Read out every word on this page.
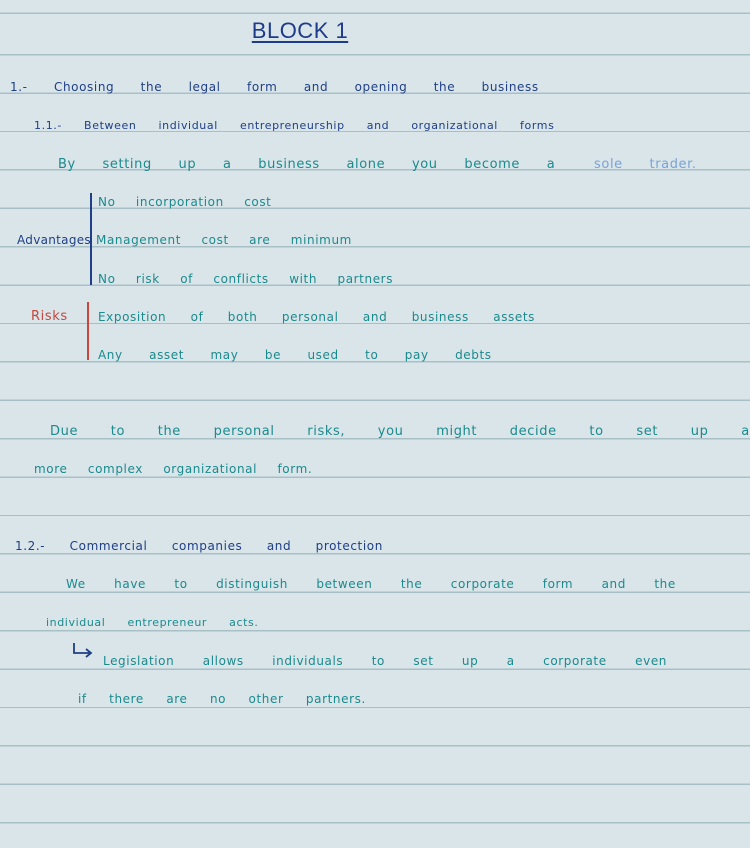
BLOCK 1
1.- Choosing the legal form and opening the business
1.1.- Between individual entrepreneurship and organizational forms
By setting up a business alone you become a	sole trader.
Advantages
No incorporation cost
Management cost are minimum
No risk of conflicts with partners
Risks	Exposition of both personal and business assets
Any asset may be used to pay debts
Due to the personal risks, you might decide to set up a
more complex organizational form.
1.2.- Commercial companies and protection
We have to distinguish between the corporate form and the
individual entrepreneur acts.
Legislation allows individuals to set up a corporate even
if there are no other partners.
